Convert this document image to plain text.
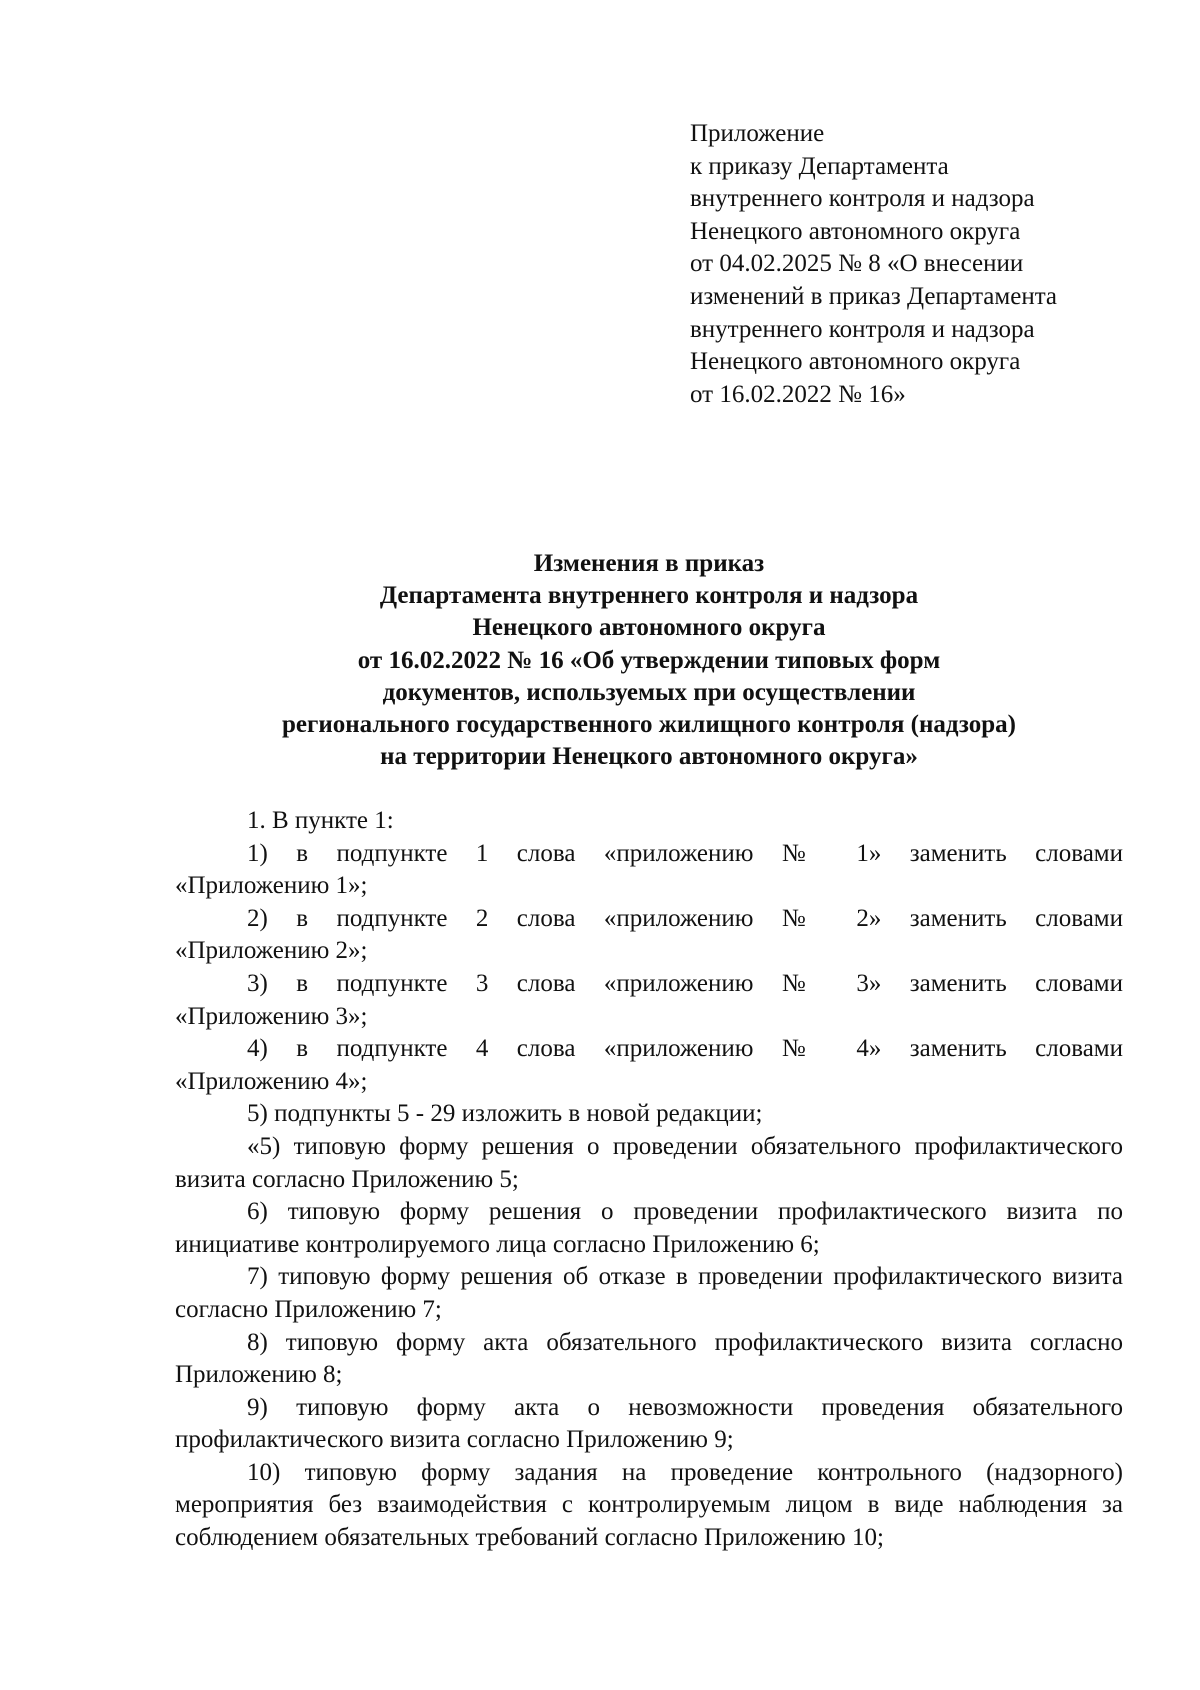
Приложение
к приказу Департамента
внутреннего контроля и надзора
Ненецкого автономного округа
от 04.02.2025 № 8 «О внесении
изменений в приказ Департамента
внутреннего контроля и надзора
Ненецкого автономного округа
от 16.02.2022 № 16»
Изменения в приказ
Департамента внутреннего контроля и надзора
Ненецкого автономного округа
от 16.02.2022 № 16 «Об утверждении типовых форм
документов, используемых при осуществлении
регионального государственного жилищного контроля (надзора)
на территории Ненецкого автономного округа»
1. В пункте 1:
1) в подпункте 1 слова «приложению № 1» заменить словами
«Приложению 1»;
2) в подпункте 2 слова «приложению № 2» заменить словами
«Приложению 2»;
3) в подпункте 3 слова «приложению № 3» заменить словами
«Приложению 3»;
4) в подпункте 4 слова «приложению № 4» заменить словами
«Приложению 4»;
5) подпункты 5 - 29 изложить в новой редакции;
«5) типовую форму решения о проведении обязательного профилактического визита согласно Приложению 5;
6) типовую форму решения о проведении профилактического визита по инициативе контролируемого лица согласно Приложению 6;
7) типовую форму решения об отказе в проведении профилактического визита согласно Приложению 7;
8) типовую форму акта обязательного профилактического визита согласно Приложению 8;
9) типовую форму акта о невозможности проведения обязательного профилактического визита согласно Приложению 9;
10) типовую форму задания на проведение контрольного (надзорного) мероприятия без взаимодействия с контролируемым лицом в виде наблюдения за соблюдением обязательных требований согласно Приложению 10;
